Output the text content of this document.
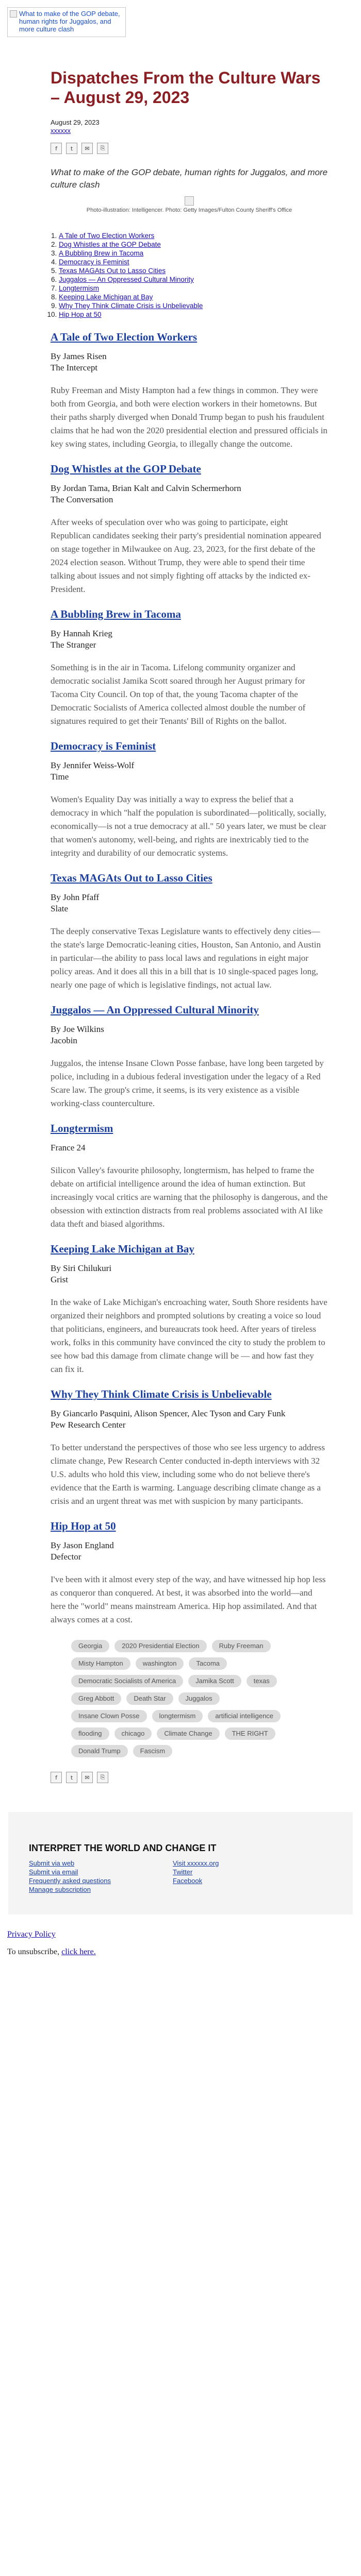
What to make of the GOP debate, human rights for Juggalos, and more culture clash
Dispatches From the Culture Wars – August 29, 2023

August 29, 2023

xxxxxx
f	t	✉	⎘

What to make of the GOP debate, human rights for Juggalos, and more culture clash

Photo-illustration: Intelligencer. Photo: Getty Images/Fulton County Sheriff's Office
1. A Tale of Two Election Workers
2. Dog Whistles at the GOP Debate
3. A Bubbling Brew in Tacoma
4. Democracy is Feminist
5. Texas MAGAts Out to Lasso Cities
6. Juggalos — An Oppressed Cultural Minority
7. Longtermism
8. Keeping Lake Michigan at Bay
9. Why They Think Climate Crisis is Unbelievable
10. Hip Hop at 50
A Tale of Two Election Workers

By James Risen

The Intercept

Ruby Freeman and Misty Hampton had a few things in common. They were both from Georgia, and both were election workers in their hometowns. But their paths sharply diverged when Donald Trump began to push his fraudulent claims that he had won the 2020 presidential election and pressured officials in key swing states, including Georgia, to illegally change the outcome.

Dog Whistles at the GOP Debate

By Jordan Tama, Brian Kalt and Calvin Schermerhorn

The Conversation

After weeks of speculation over who was going to participate, eight Republican candidates seeking their party's presidential nomination appeared on stage together in Milwaukee on Aug. 23, 2023, for the first debate of the 2024 election season. Without Trump, they were able to spend their time talking about issues and not simply fighting off attacks by the indicted ex-President.

A Bubbling Brew in Tacoma

By Hannah Krieg

The Stranger

Something is in the air in Tacoma. Lifelong community organizer and democratic socialist Jamika Scott soared through her August primary for Tacoma City Council. On top of that, the young Tacoma chapter of the Democratic Socialists of America collected almost double the number of signatures required to get their Tenants' Bill of Rights on the ballot.

Democracy is Feminist

By Jennifer Weiss-Wolf

Time

Women's Equality Day was initially a way to express the belief that a democracy in which "half the population is subordinated—politically, socially, economically—is not a true democracy at all." 50 years later, we must be clear that women's autonomy, well-being, and rights are inextricably tied to the integrity and durability of our democratic systems.

Texas MAGAts Out to Lasso Cities

By John Pfaff

Slate

The deeply conservative Texas Legislature wants to effectively deny cities—the state's large Democratic-leaning cities, Houston, San Antonio, and Austin in particular—the ability to pass local laws and regulations in eight major policy areas. And it does all this in a bill that is 10 single-spaced pages long, nearly one page of which is legislative findings, not actual law.

Juggalos — An Oppressed Cultural Minority

By Joe Wilkins

Jacobin

Juggalos, the intense Insane Clown Posse fanbase, have long been targeted by police, including in a dubious federal investigation under the legacy of a Red Scare law. The group's crime, it seems, is its very existence as a visible working-class counterculture.

Longtermism

France 24

Silicon Valley's favourite philosophy, longtermism, has helped to frame the debate on artificial intelligence around the idea of human extinction. But increasingly vocal critics are warning that the philosophy is dangerous, and the obsession with extinction distracts from real problems associated with AI like data theft and biased algorithms.

Keeping Lake Michigan at Bay

By Siri Chilukuri

Grist

In the wake of Lake Michigan's encroaching water, South Shore residents have organized their neighbors and prompted solutions by creating a voice so loud that politicians, engineers, and bureaucrats took heed. After years of tireless work, folks in this community have convinced the city to study the problem to see how bad this damage from climate change will be — and how fast they can fix it.

Why They Think Climate Crisis is Unbelievable

By Giancarlo Pasquini, Alison Spencer, Alec Tyson and Cary Funk

Pew Research Center

To better understand the perspectives of those who see less urgency to address climate change, Pew Research Center conducted in-depth interviews with 32 U.S. adults who hold this view, including some who do not believe there's evidence that the Earth is warming. Language describing climate change as a crisis and an urgent threat was met with suspicion by many participants.

Hip Hop at 50

By Jason England

Defector

I've been with it almost every step of the way, and have witnessed hip hop less as conqueror than conquered. At best, it was absorbed into the world—and here the "world" means mainstream America. Hip hop assimilated. And that always comes at a cost.

Georgia	2020 Presidential Election	Ruby Freeman
Misty Hampton	washington	Tacoma
Democratic Socialists of America	Jamika Scott	texas
Greg Abbott	Death Star	Juggalos
Insane Clown Posse	longtermism	artificial intelligence
flooding	chicago	Climate Change	THE RIGHT
Donald Trump	Fascism
f	t	✉	⎘

INTERPRET THE WORLD AND CHANGE IT

Submit via web
Submit via email
Frequently asked questions
Manage subscription
Visit xxxxxx.org
Twitter
Facebook
Privacy Policy
To unsubscribe, click here.
